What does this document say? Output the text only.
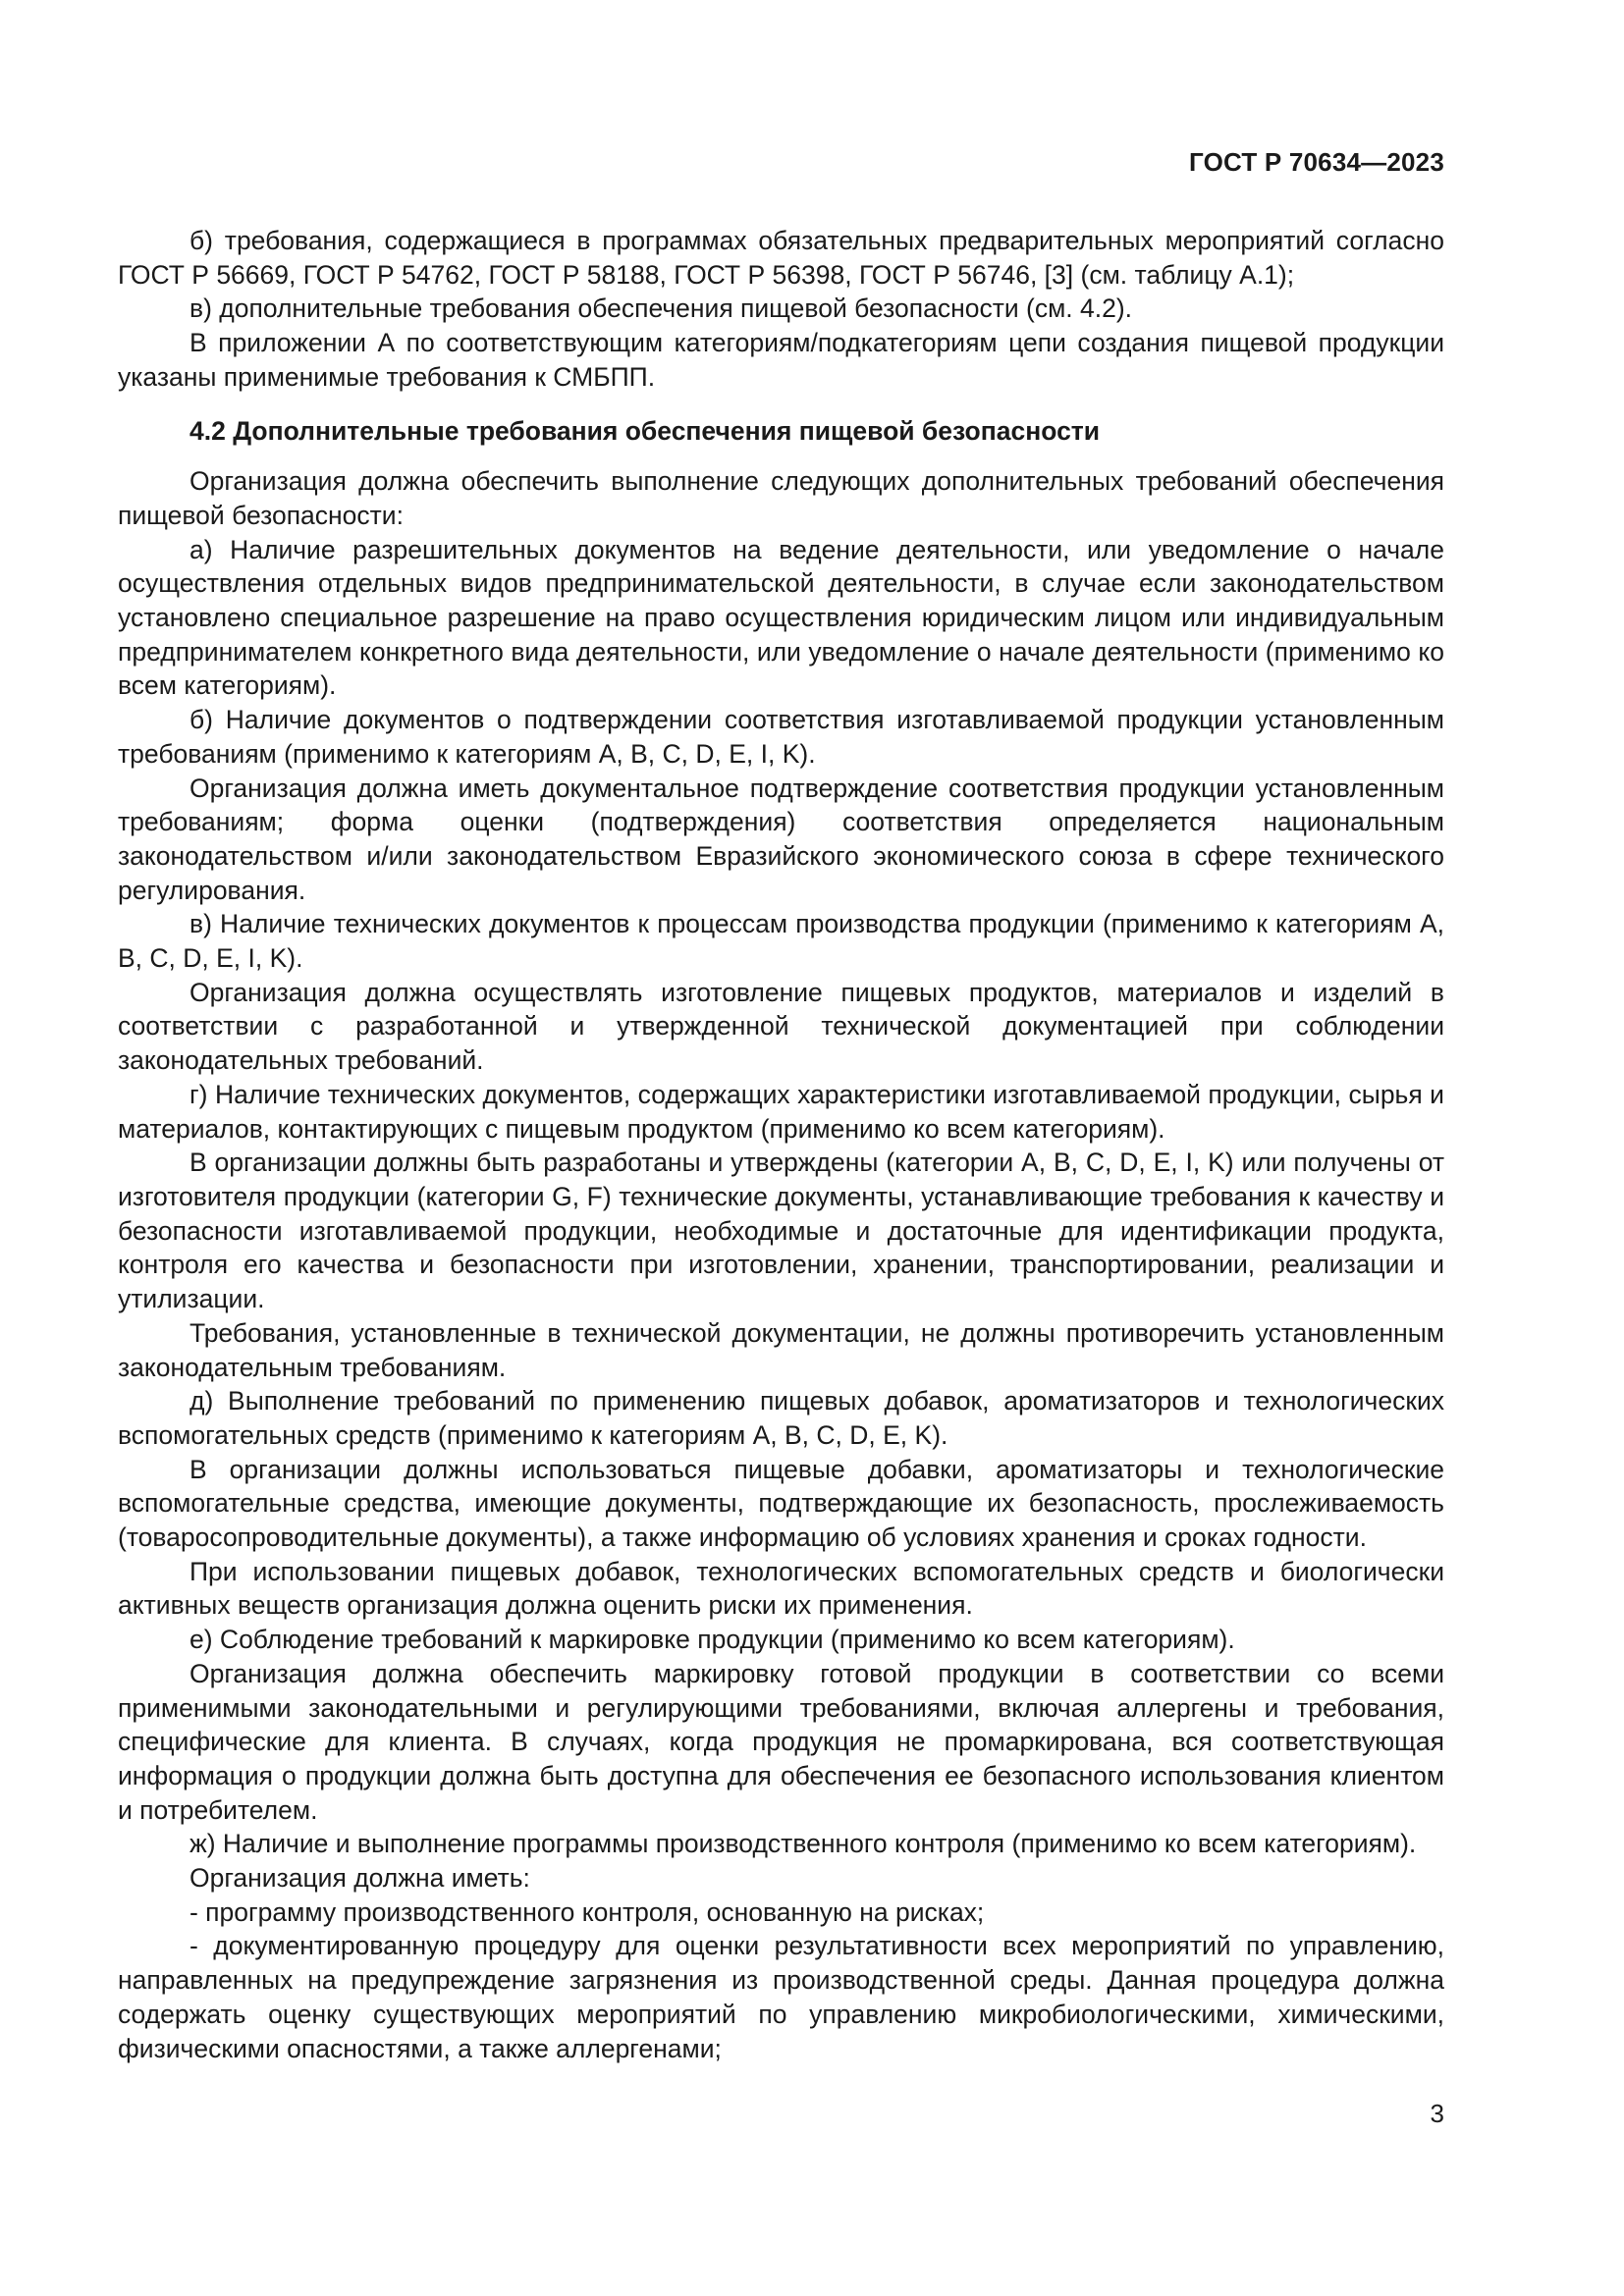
ГОСТ Р 70634—2023

б) требования, содержащиеся в программах обязательных предварительных мероприятий согласно ГОСТ Р 56669, ГОСТ Р 54762, ГОСТ Р 58188, ГОСТ Р 56398, ГОСТ Р 56746, [3] (см. таблицу А.1);

в) дополнительные требования обеспечения пищевой безопасности (см. 4.2).

В приложении А по соответствующим категориям/подкатегориям цепи создания пищевой продукции указаны применимые требования к СМБПП.

4.2 Дополнительные требования обеспечения пищевой безопасности

Организация должна обеспечить выполнение следующих дополнительных требований обеспечения пищевой безопасности:

а) Наличие разрешительных документов на ведение деятельности, или уведомление о начале осуществления отдельных видов предпринимательской деятельности, в случае если законодательством установлено специальное разрешение на право осуществления юридическим лицом или индивидуальным предпринимателем конкретного вида деятельности, или уведомление о начале деятельности (применимо ко всем категориям).

б) Наличие документов о подтверждении соответствия изготавливаемой продукции установленным требованиям (применимо к категориям A, B, C, D, E, I, K).

Организация должна иметь документальное подтверждение соответствия продукции установленным требованиям; форма оценки (подтверждения) соответствия определяется национальным законодательством и/или законодательством Евразийского экономического союза в сфере технического регулирования.

в) Наличие технических документов к процессам производства продукции (применимо к категориям A, B, C, D, E, I, K).

Организация должна осуществлять изготовление пищевых продуктов, материалов и изделий в соответствии с разработанной и утвержденной технической документацией при соблюдении законодательных требований.

г) Наличие технических документов, содержащих характеристики изготавливаемой продукции, сырья и материалов, контактирующих с пищевым продуктом (применимо ко всем категориям).

В организации должны быть разработаны и утверждены (категории A, B, C, D, E, I, K) или получены от изготовителя продукции (категории G, F) технические документы, устанавливающие требования к качеству и безопасности изготавливаемой продукции, необходимые и достаточные для идентификации продукта, контроля его качества и безопасности при изготовлении, хранении, транспортировании, реализации и утилизации.

Требования, установленные в технической документации, не должны противоречить установленным законодательным требованиям.

д) Выполнение требований по применению пищевых добавок, ароматизаторов и технологических вспомогательных средств (применимо к категориям A, B, C, D, E, K).

В организации должны использоваться пищевые добавки, ароматизаторы и технологические вспомогательные средства, имеющие документы, подтверждающие их безопасность, прослеживаемость (товаросопроводительные документы), а также информацию об условиях хранения и сроках годности.

При использовании пищевых добавок, технологических вспомогательных средств и биологически активных веществ организация должна оценить риски их применения.

е) Соблюдение требований к маркировке продукции (применимо ко всем категориям).

Организация должна обеспечить маркировку готовой продукции в соответствии со всеми применимыми законодательными и регулирующими требованиями, включая аллергены и требования, специфические для клиента. В случаях, когда продукция не промаркирована, вся соответствующая информация о продукции должна быть доступна для обеспечения ее безопасного использования клиентом и потребителем.

ж) Наличие и выполнение программы производственного контроля (применимо ко всем категориям).

Организация должна иметь:

- программу производственного контроля, основанную на рисках;

- документированную процедуру для оценки результативности всех мероприятий по управлению, направленных на предупреждение загрязнения из производственной среды. Данная процедура должна содержать оценку существующих мероприятий по управлению микробиологическими, химическими, физическими опасностями, а также аллергенами;

3
